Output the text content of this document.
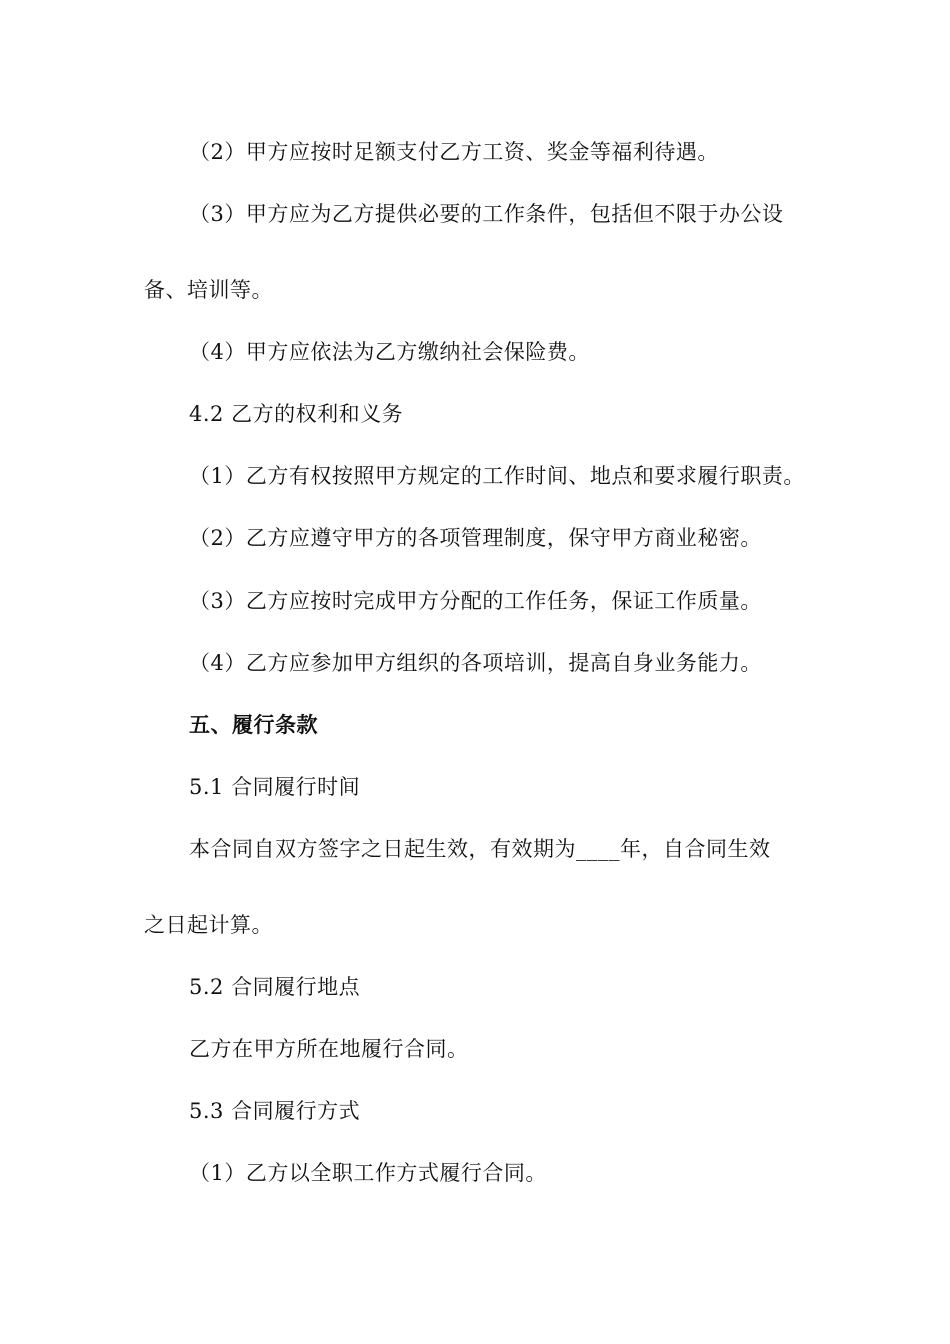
（2）甲方应按时足额支付乙方工资、奖金等福利待遇。
（3）甲方应为乙方提供必要的工作条件，包括但不限于办公设
备、培训等。
（4）甲方应依法为乙方缴纳社会保险费。
4.2 乙方的权利和义务
（1）乙方有权按照甲方规定的工作时间、地点和要求履行职责。
（2）乙方应遵守甲方的各项管理制度，保守甲方商业秘密。
（3）乙方应按时完成甲方分配的工作任务，保证工作质量。
（4）乙方应参加甲方组织的各项培训，提高自身业务能力。
五、履行条款
5.1 合同履行时间
本合同自双方签字之日起生效，有效期为____年，自合同生效
之日起计算。
5.2 合同履行地点
乙方在甲方所在地履行合同。
5.3 合同履行方式
（1）乙方以全职工作方式履行合同。
